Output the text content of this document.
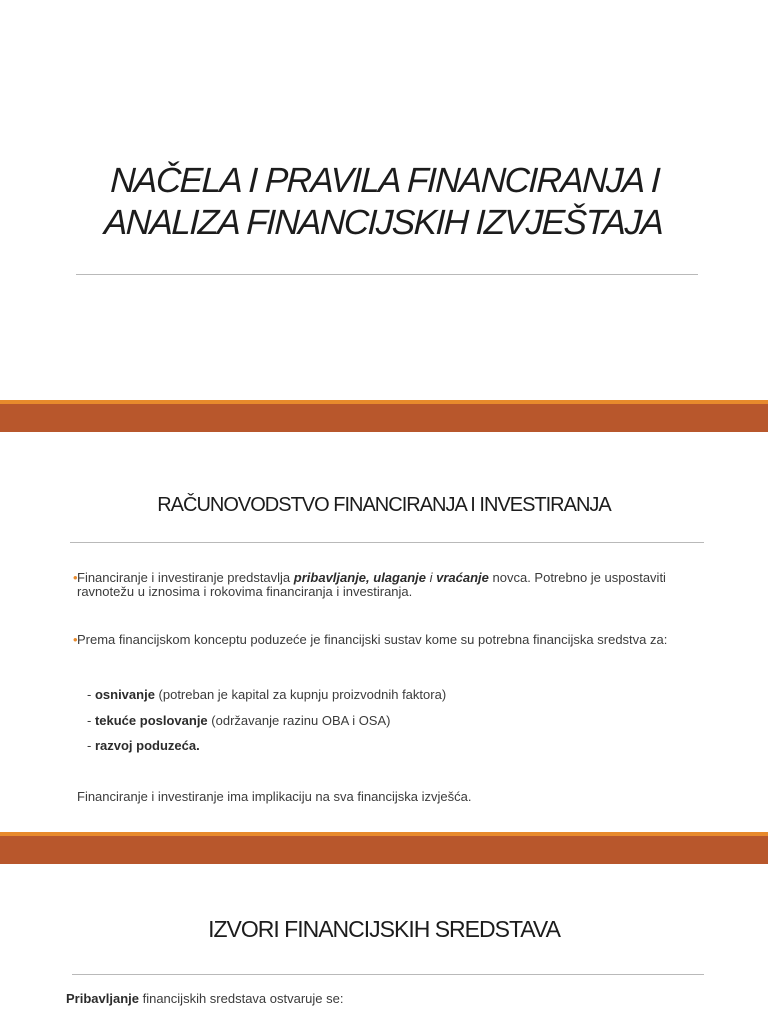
NAČELA I PRAVILA FINANCIRANJA I
ANALIZA FINANCIJSKIH IZVJEŠTAJA
RAČUNOVODSTVO FINANCIRANJA I INVESTIRANJA
• Financiranje i investiranje predstavlja pribavljanje, ulaganje i vraćanje novca. Potrebno je uspostaviti ravnotežu u iznosima i rokovima financiranja i investiranja.
• Prema financijskom konceptu poduzeće je financijski sustav kome su potrebna financijska sredstva za:
- osnivanje (potreban je kapital za kupnju proizvodnih faktora)
- tekuće poslovanje (održavanje razinu OBA i OSA)
- razvoj poduzeća.
Financiranje i investiranje ima implikaciju na sva financijska izvješća.
IZVORI FINANCIJSKIH SREDSTAVA
Pribavljanje financijskih sredstava ostvaruje se:
